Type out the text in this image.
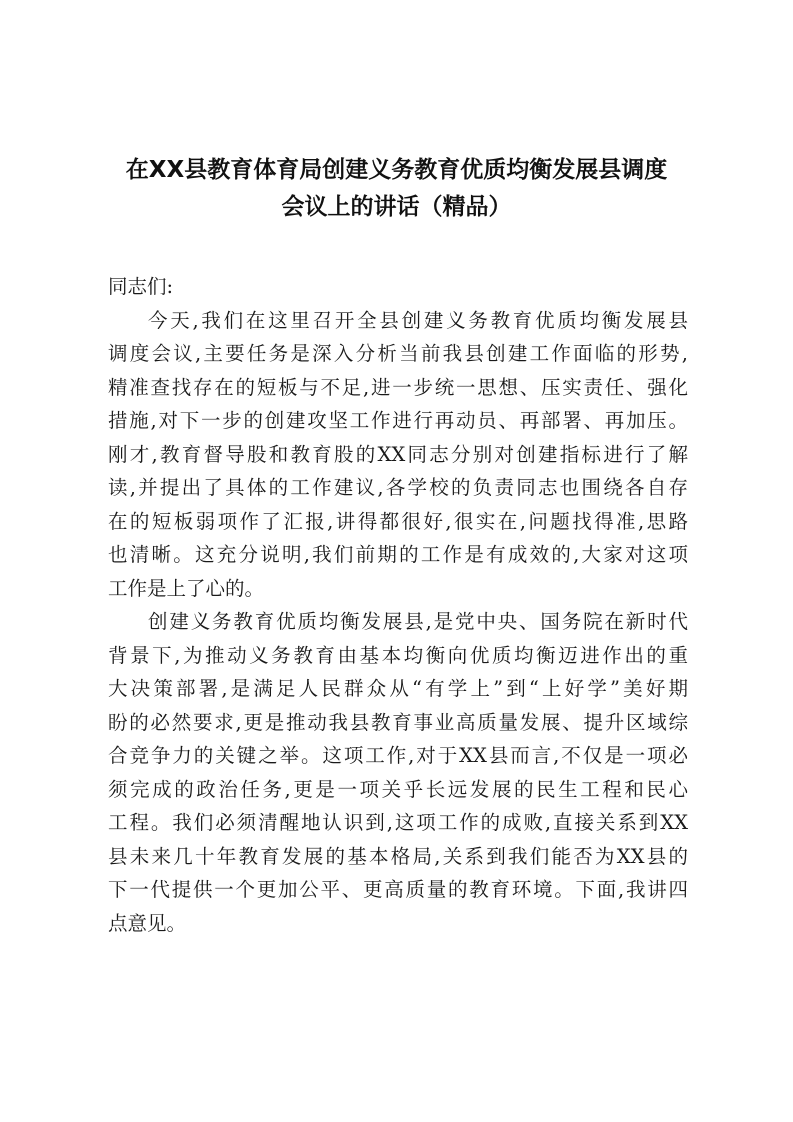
在XX县教育体育局创建义务教育优质均衡发展县调度
会议上的讲话（精品）
同志们:
今天,我们在这里召开全县创建义务教育优质均衡发展县
调度会议,主要任务是深入分析当前我县创建工作面临的形势,
精准查找存在的短板与不足,进一步统一思想、压实责任、强化
措施,对下一步的创建攻坚工作进行再动员、再部署、再加压。
刚才,教育督导股和教育股的XX同志分别对创建指标进行了解
读,并提出了具体的工作建议,各学校的负责同志也围绕各自存
在的短板弱项作了汇报,讲得都很好,很实在,问题找得准,思路
也清晰。这充分说明,我们前期的工作是有成效的,大家对这项
工作是上了心的。
创建义务教育优质均衡发展县,是党中央、国务院在新时代
背景下,为推动义务教育由基本均衡向优质均衡迈进作出的重
大决策部署,是满足人民群众从“有学上”到“上好学”美好期
盼的必然要求,更是推动我县教育事业高质量发展、提升区域综
合竞争力的关键之举。这项工作,对于XX县而言,不仅是一项必
须完成的政治任务,更是一项关乎长远发展的民生工程和民心
工程。我们必须清醒地认识到,这项工作的成败,直接关系到XX
县未来几十年教育发展的基本格局,关系到我们能否为XX县的
下一代提供一个更加公平、更高质量的教育环境。下面,我讲四
点意见。
